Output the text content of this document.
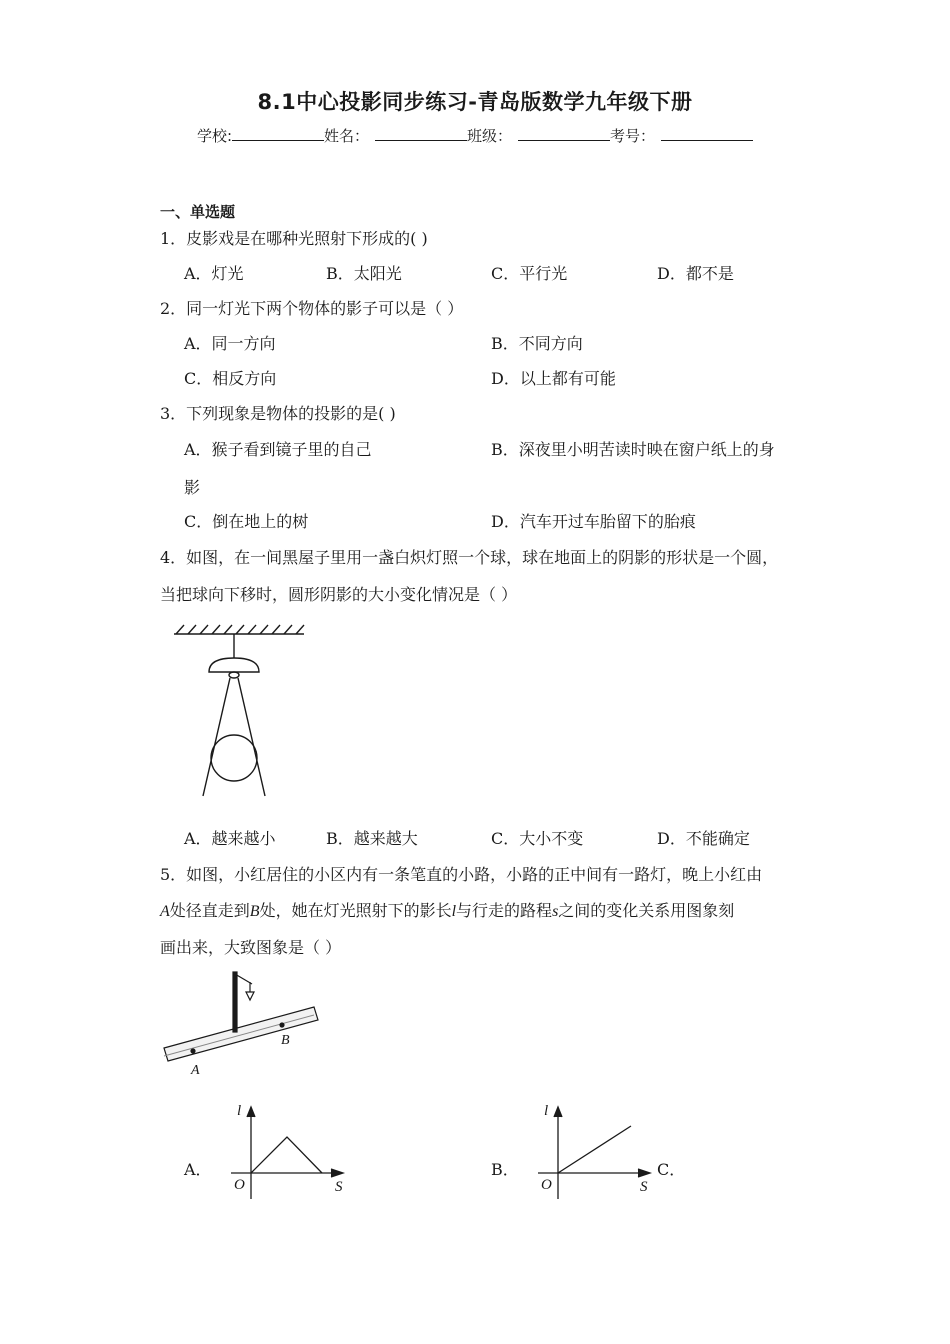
8.1中心投影同步练习-青岛版数学九年级下册
学校:	姓名：	班级：	考号：
一、单选题
1．皮影戏是在哪种光照射下形成的( )
A．灯光	B．太阳光	C．平行光	D．都不是
2．同一灯光下两个物体的影子可以是（ ）
A．同一方向	B．不同方向
C．相反方向	D．以上都有可能
3．下列现象是物体的投影的是( )
A．猴子看到镜子里的自己	B．深夜里小明苦读时映在窗户纸上的身
影
C．倒在地上的树	D．汽车开过车胎留下的胎痕
4．如图，在一间黑屋子里用一盏白炽灯照一个球，球在地面上的阴影的形状是一个圆，
当把球向下移时，圆形阴影的大小变化情况是（ ）
A．越来越小	B．越来越大	C．大小不变	D．不能确定
5．如图，小红居住的小区内有一条笔直的小路，小路的正中间有一路灯，晚上小红由
A处径直走到B处，她在灯光照射下的影长l与行走的路程s之间的变化关系用图象刻
画出来，大致图象是（ ）
A
B
A．
l
S
O
B．
l
S
O
C．
